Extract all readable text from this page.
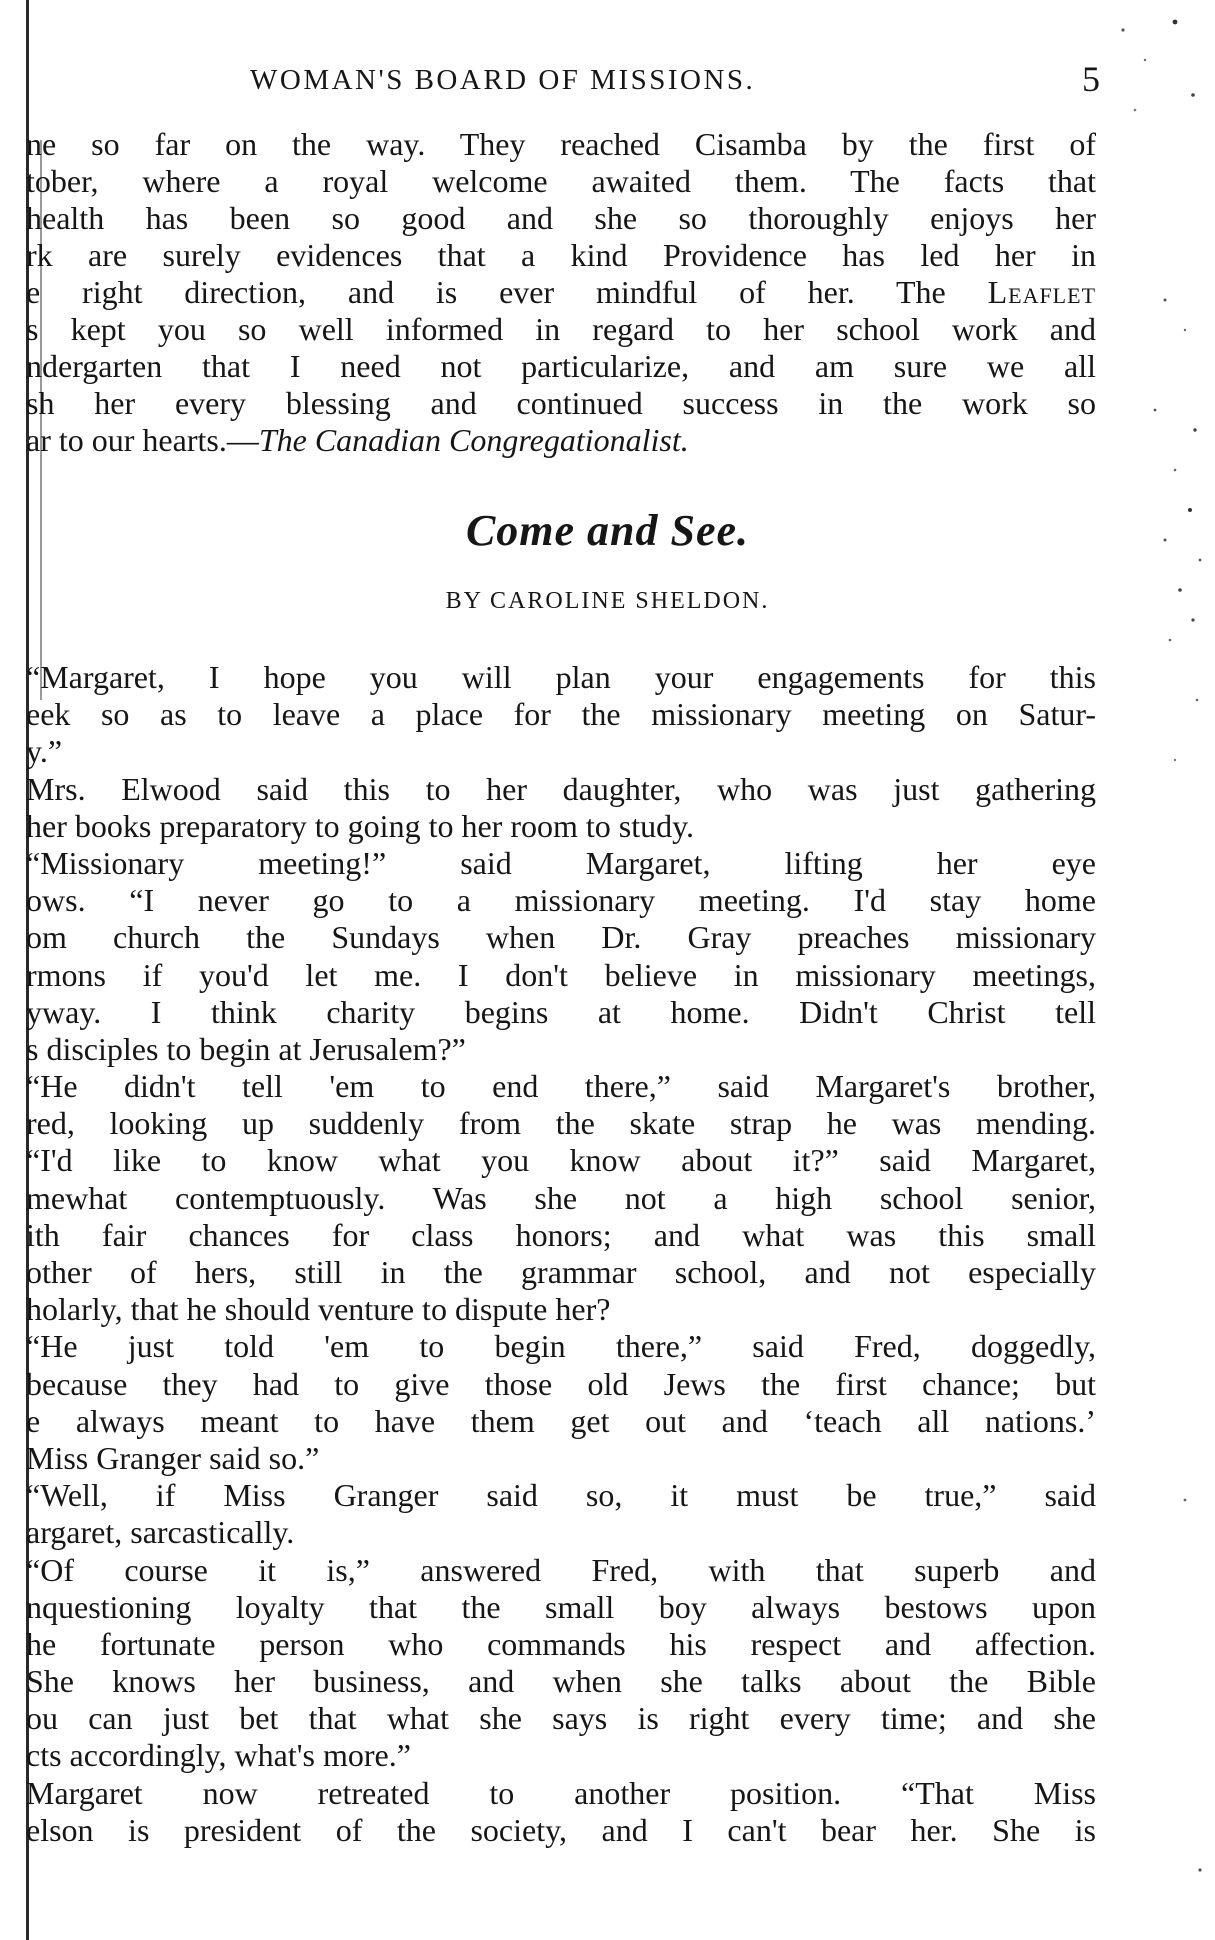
WOMAN'S BOARD OF MISSIONS.	5
ne so far on the way. They reached Cisamba by the first of
tober, where a royal welcome awaited them. The facts that
health has been so good and she so thoroughly enjoys her
rk are surely evidences that a kind Providence has led her in
e right direction, and is ever mindful of her. The Leaflet
s kept you so well informed in regard to her school work and
ndergarten that I need not particularize, and am sure we all
sh her every blessing and continued success in the work so
ar to our hearts.—The Canadian Congregationalist.
Come and See.
BY CAROLINE SHELDON.
“Margaret, I hope you will plan your engagements for this
eek so as to leave a place for the missionary meeting on Satur-
y.”
Mrs. Elwood said this to her daughter, who was just gathering
her books preparatory to going to her room to study.
“Missionary meeting!” said Margaret, lifting her eye
ows. “I never go to a missionary meeting. I'd stay home
om church the Sundays when Dr. Gray preaches missionary
rmons if you'd let me. I don't believe in missionary meetings,
yway. I think charity begins at home. Didn't Christ tell
s disciples to begin at Jerusalem?”
“He didn't tell 'em to end there,” said Margaret's brother,
red, looking up suddenly from the skate strap he was mending.
“I'd like to know what you know about it?” said Margaret,
mewhat contemptuously. Was she not a high school senior,
ith fair chances for class honors; and what was this small
other of hers, still in the grammar school, and not especially
holarly, that he should venture to dispute her?
“He just told 'em to begin there,” said Fred, doggedly,
because they had to give those old Jews the first chance; but
e always meant to have them get out and ‘teach all nations.’
Miss Granger said so.”
“Well, if Miss Granger said so, it must be true,” said
argaret, sarcastically.
“Of course it is,” answered Fred, with that superb and
nquestioning loyalty that the small boy always bestows upon
he fortunate person who commands his respect and affection.
She knows her business, and when she talks about the Bible
ou can just bet that what she says is right every time; and she
cts accordingly, what's more.”
Margaret now retreated to another position. “That Miss
elson is president of the society, and I can't bear her. She is
